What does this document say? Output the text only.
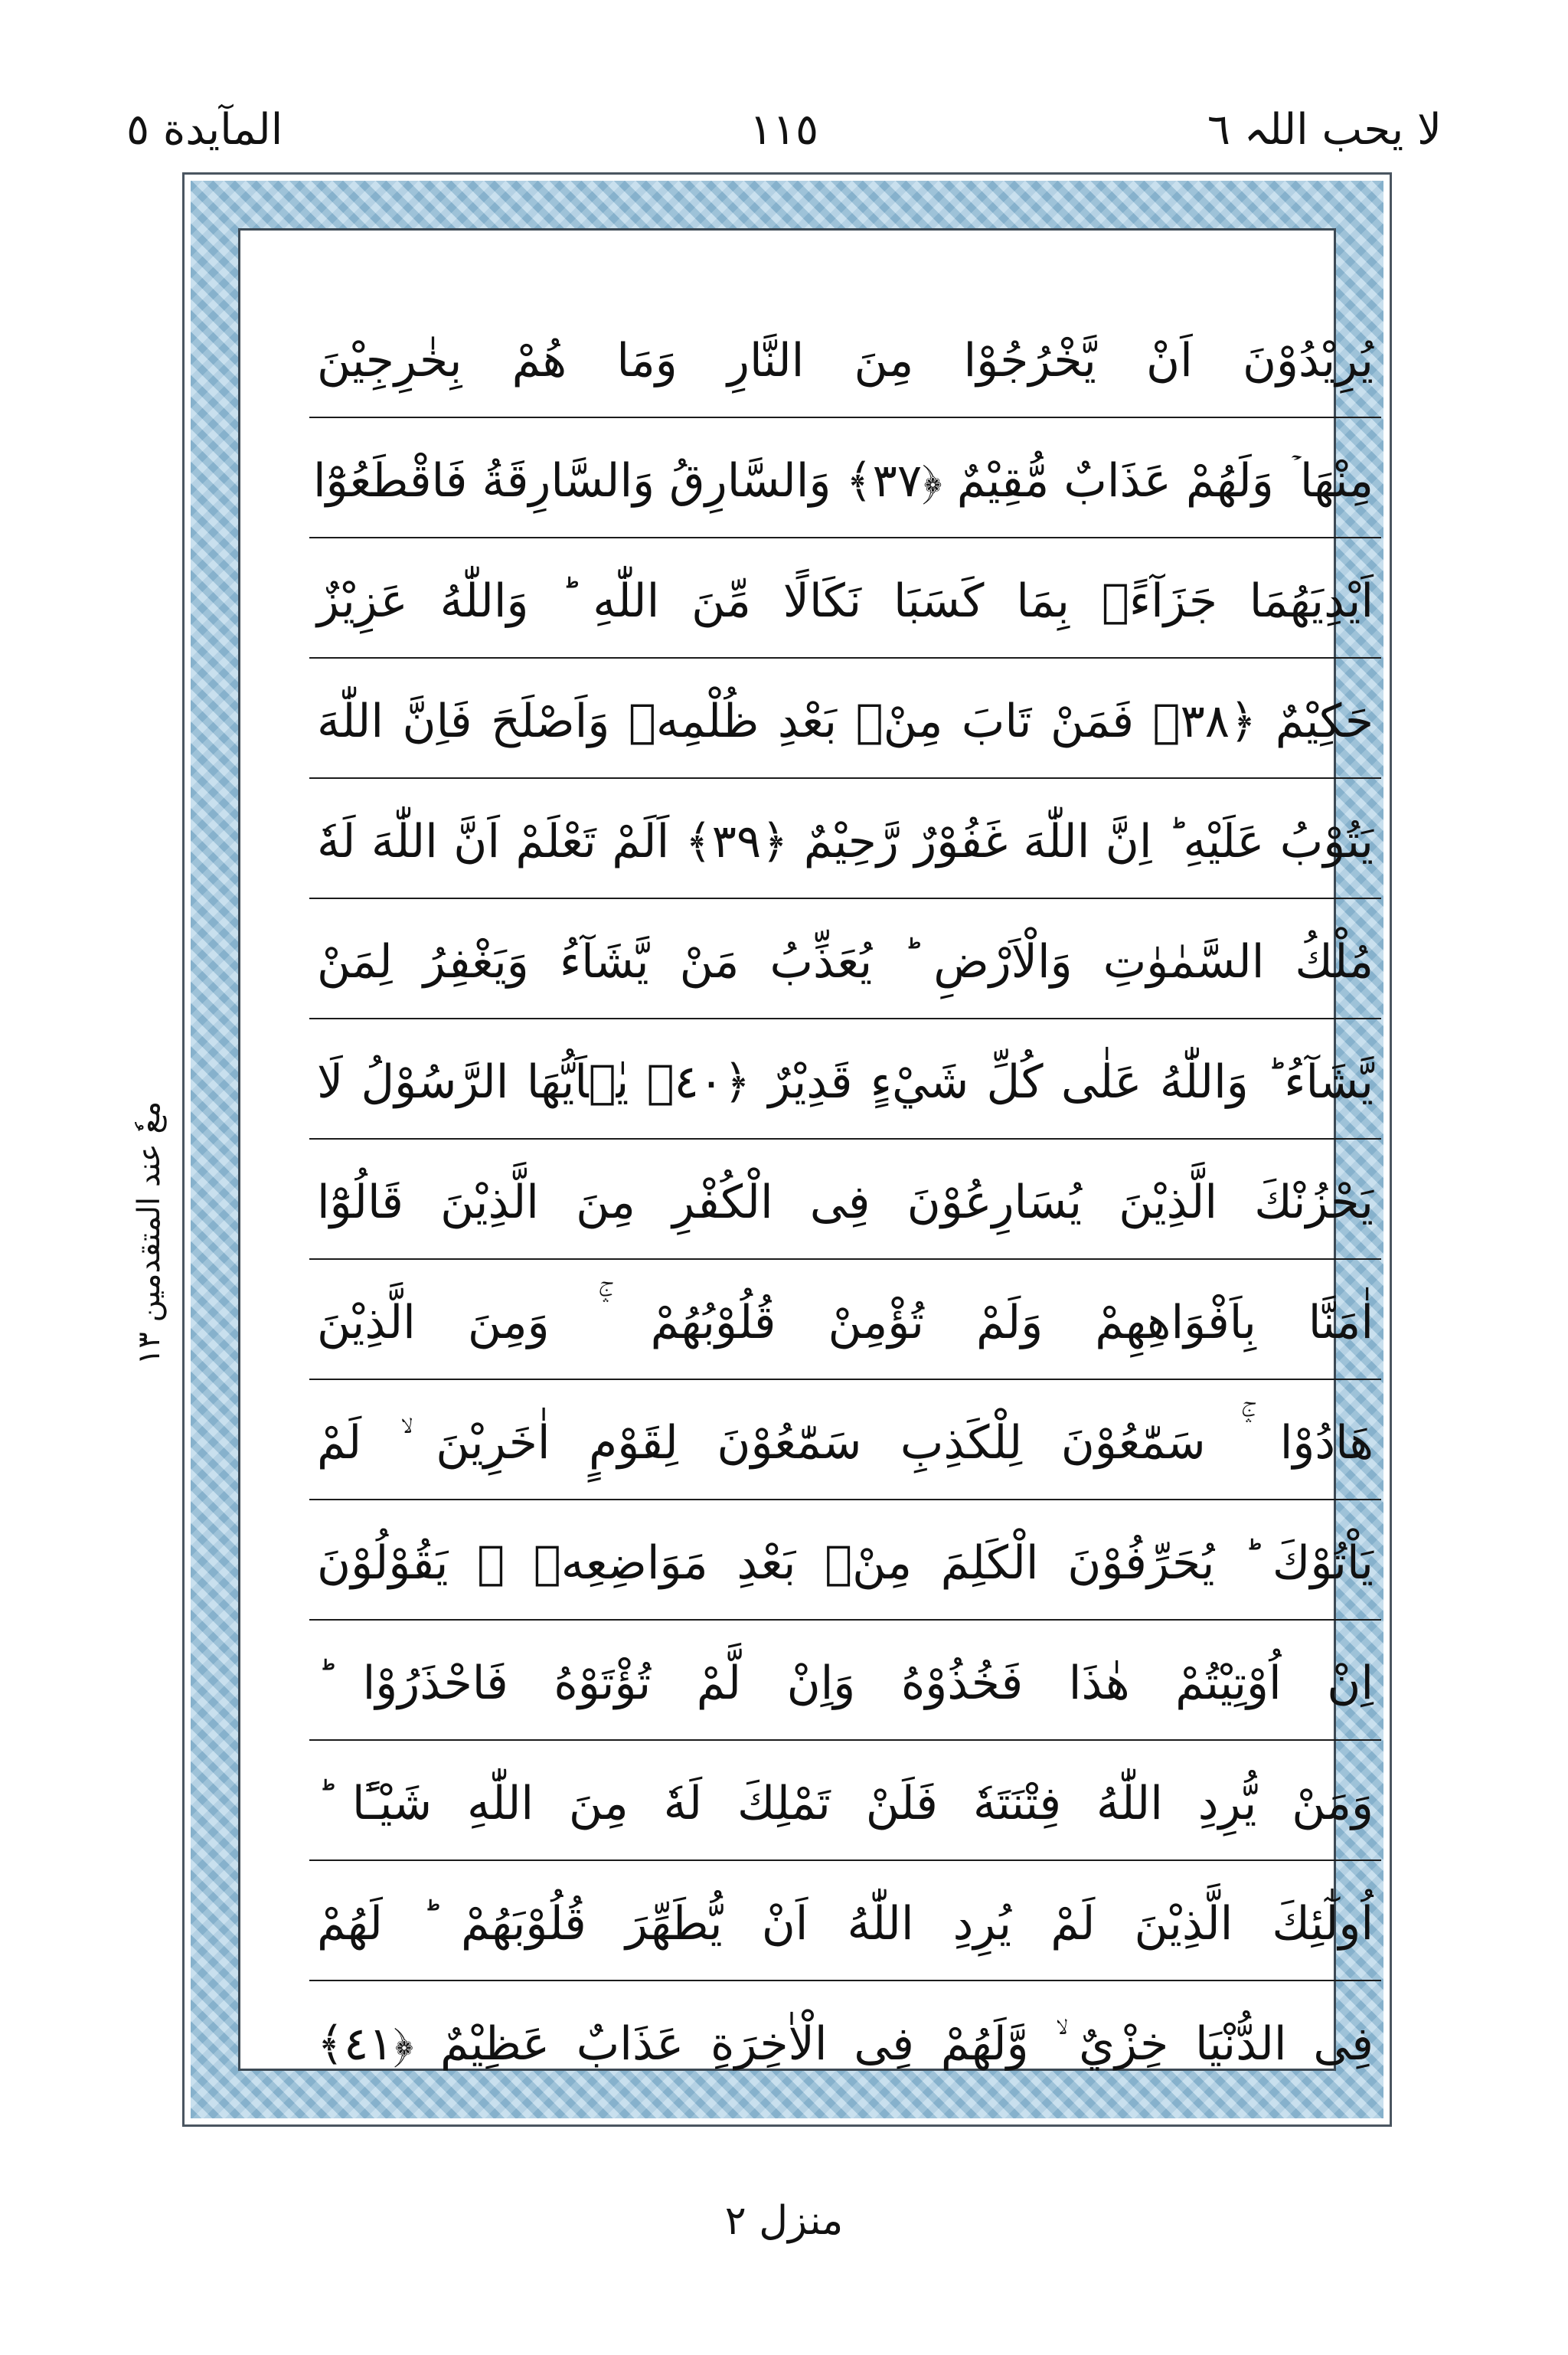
المآیدة ٥	١١٥	لا یحب اللہ ٦
يُرِيْدُوْنَ اَنْ يَّخْرُجُوْا مِنَ النَّارِ وَمَا هُمْ بِخٰرِجِيْنَ
مِنْهَا ۡ وَلَهُمْ عَذَابٌ مُّقِيْمٌ ﴿٣٧﴾ وَالسَّارِقُ وَالسَّارِقَةُ فَاقْطَعُوْٓا
اَيْدِيَهُمَا جَزَآءًۢ بِمَا كَسَبَا نَكَالًا مِّنَ اللّٰهِ ؕ وَاللّٰهُ عَزِيْزٌ
حَكِيْمٌ ﴿٣٨﴾ فَمَنْ تَابَ مِنْۢ بَعْدِ ظُلْمِهٖ وَاَصْلَحَ فَاِنَّ اللّٰهَ
يَتُوْبُ عَلَيْهِ ؕ اِنَّ اللّٰهَ غَفُوْرٌ رَّحِيْمٌ ﴿٣٩﴾ اَلَمْ تَعْلَمْ اَنَّ اللّٰهَ لَهٗ
مُلْكُ السَّمٰوٰتِ وَالْاَرْضِ ؕ يُعَذِّبُ مَنْ يَّشَآءُ وَيَغْفِرُ لِمَنْ
يَّشَآءُ ؕ وَاللّٰهُ عَلٰى كُلِّ شَيْءٍ قَدِيْرٌ ﴿٤٠﴾ يٰۤاَيُّهَا الرَّسُوْلُ لَا
يَحْزُنْكَ الَّذِيْنَ يُسَارِعُوْنَ فِى الْكُفْرِ مِنَ الَّذِيْنَ قَالُوْٓا
اٰمَنَّا بِاَفْوَاهِهِمْ وَلَمْ تُؤْمِنْ قُلُوْبُهُمْ ۛۚ وَمِنَ الَّذِيْنَ
هَادُوْا ۛۚ سَمّٰعُوْنَ لِلْكَذِبِ سَمّٰعُوْنَ لِقَوْمٍ اٰخَرِيْنَ ۙ لَمْ
يَاْتُوْكَ ؕ يُحَرِّفُوْنَ الْكَلِمَ مِنْۢ بَعْدِ مَوَاضِعِهٖ ۚ يَقُوْلُوْنَ
اِنْ اُوْتِيْتُمْ هٰذَا فَخُذُوْهُ وَاِنْ لَّمْ تُؤْتَوْهُ فَاحْذَرُوْا ؕ
وَمَنْ يُّرِدِ اللّٰهُ فِتْنَتَهٗ فَلَنْ تَمْلِكَ لَهٗ مِنَ اللّٰهِ شَيْـًٔا ؕ
اُولٰٓئِكَ الَّذِيْنَ لَمْ يُرِدِ اللّٰهُ اَنْ يُّطَهِّرَ قُلُوْبَهُمْ ؕ لَهُمْ
فِى الدُّنْيَا خِزْيٌ ۙ وَّلَهُمْ فِى الْاٰخِرَةِ عَذَابٌ عَظِيْمٌ ﴿٤١﴾
معٗ عند المتقدمین ١٣
منزل ٢
